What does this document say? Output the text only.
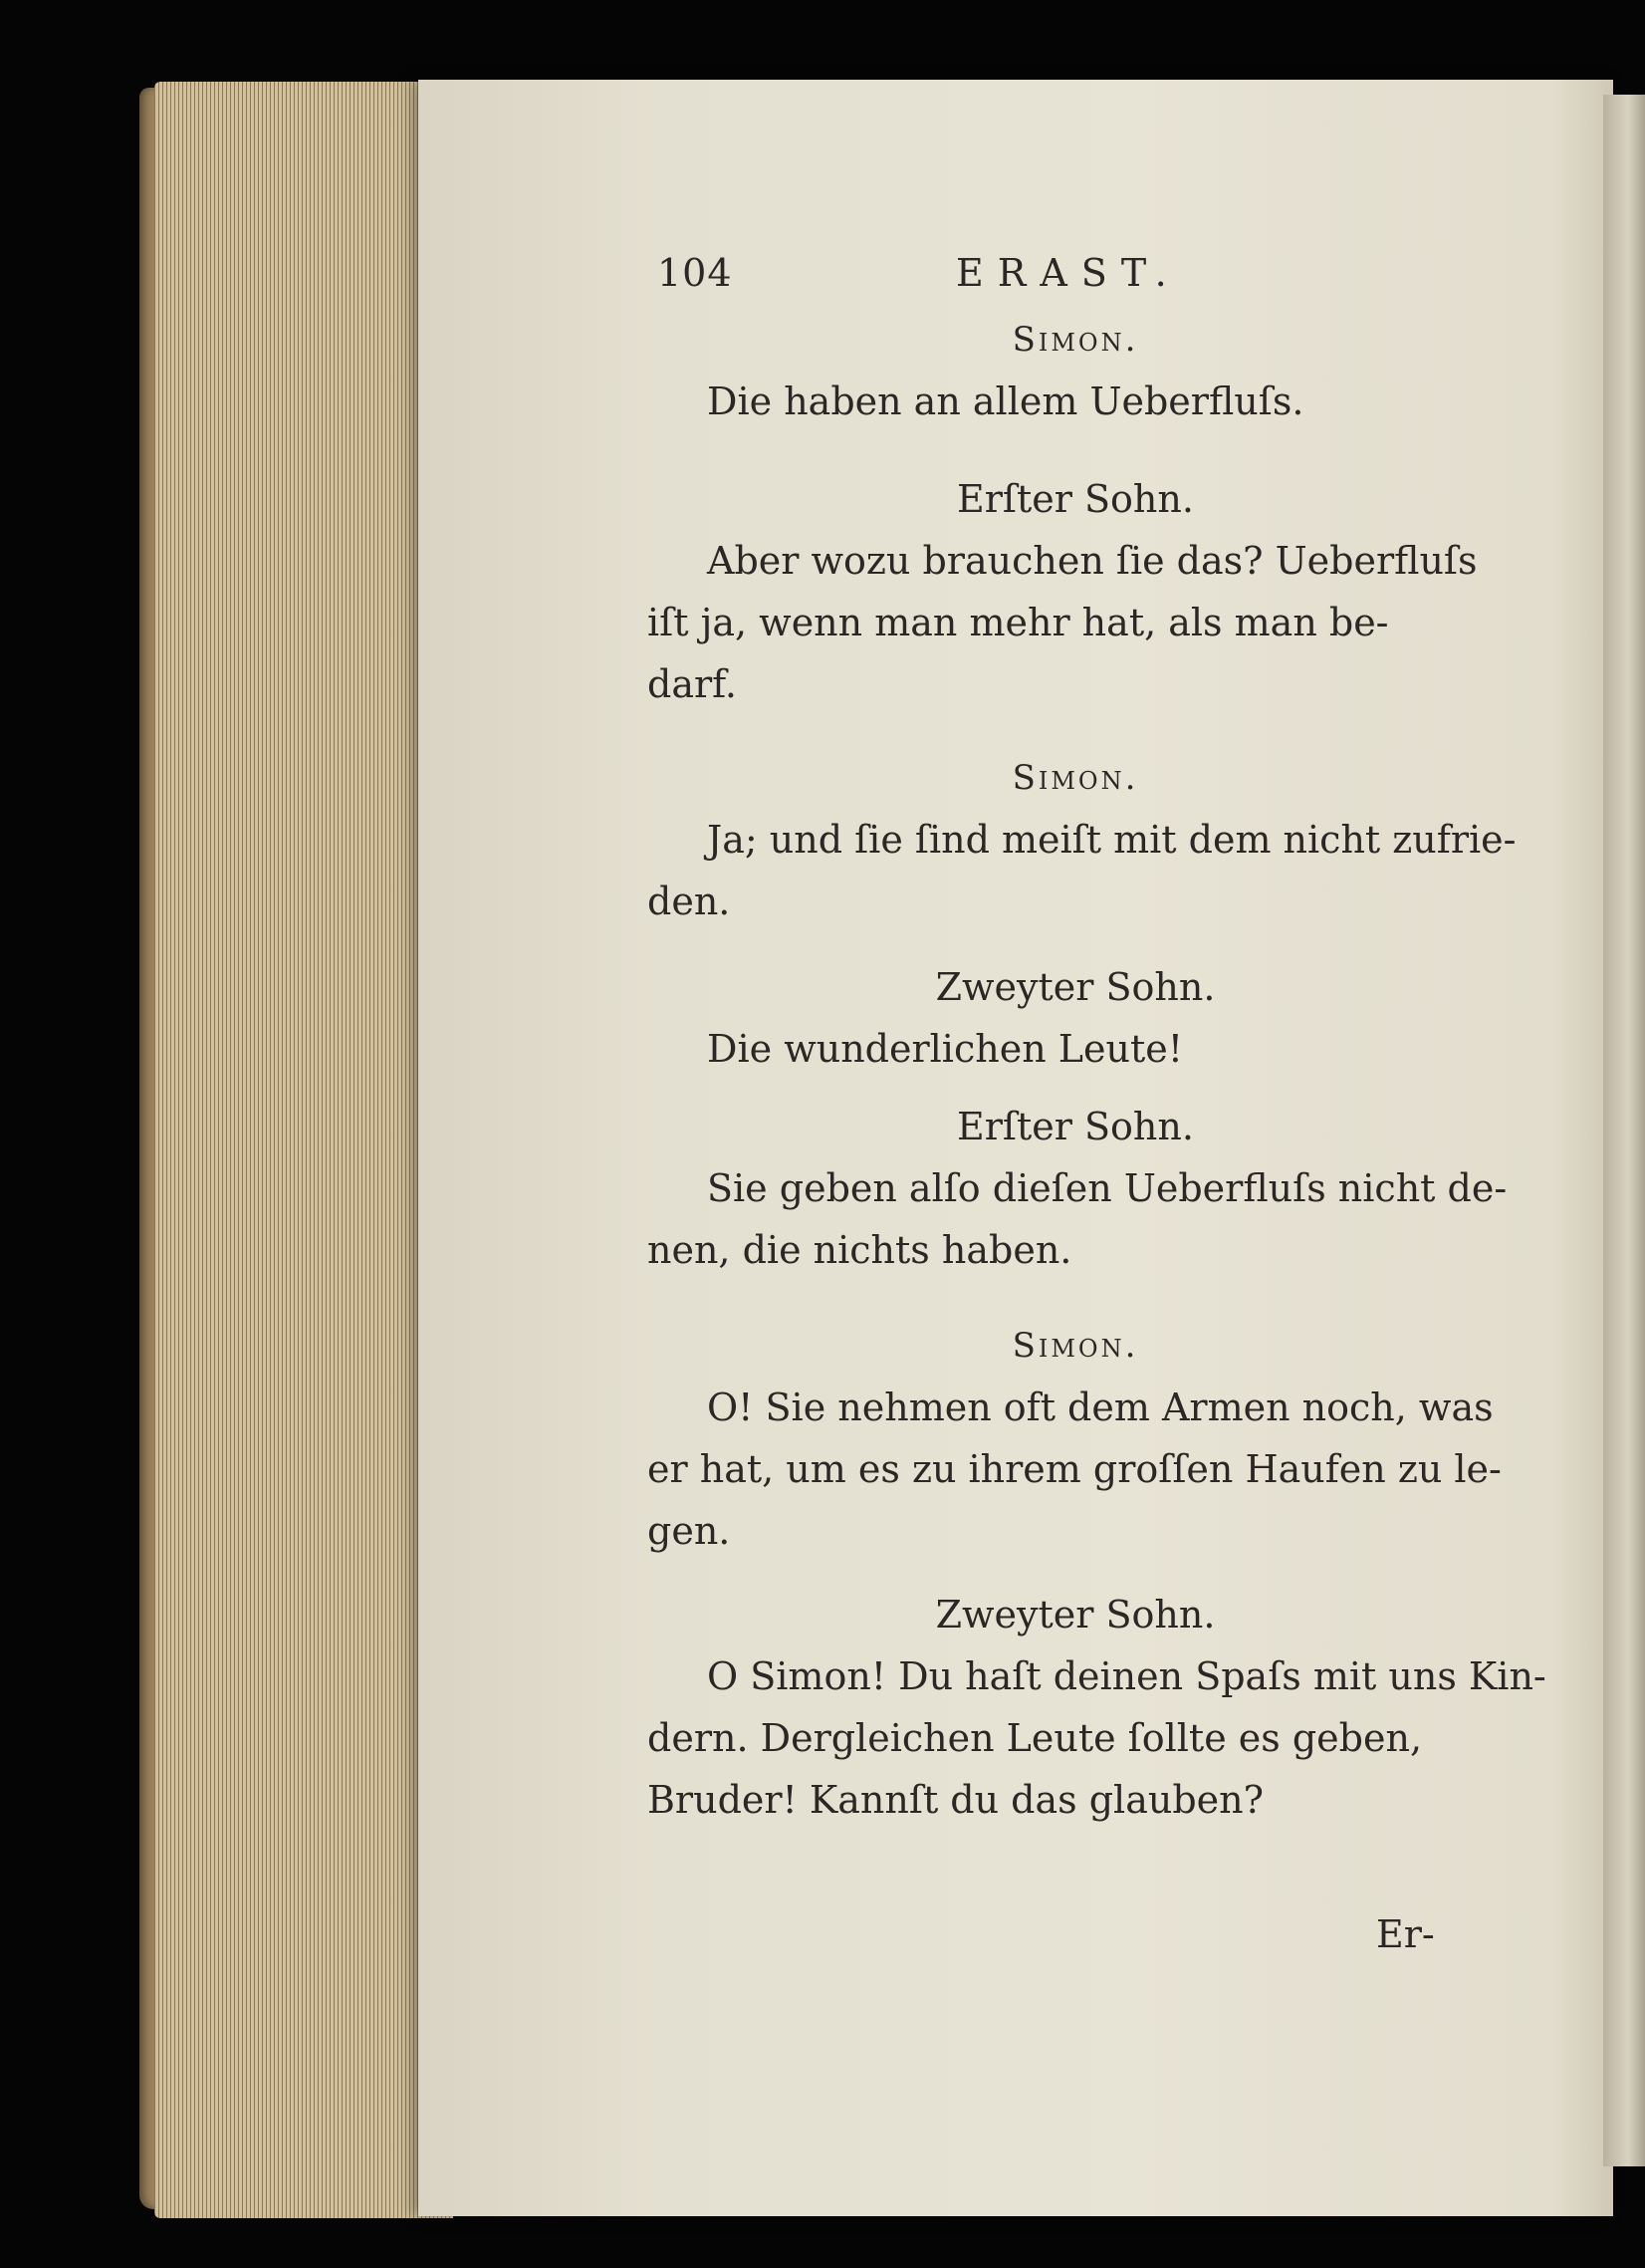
104	ERAST.
Simon.
Die haben an allem Ueberfluſs.
Erſter Sohn.
Aber wozu brauchen ſie das? Ueberfluſs
iſt ja, wenn man mehr hat, als man be-
darf.
Simon.
Ja; und ſie ſind meiſt mit dem nicht zufrie-
den.
Zweyter Sohn.
Die wunderlichen Leute!
Erſter Sohn.
Sie geben alſo dieſen Ueberfluſs nicht de-
nen, die nichts haben.
Simon.
O! Sie nehmen oft dem Armen noch, was
er hat, um es zu ihrem groſſen Haufen zu le-
gen.
Zweyter Sohn.
O Simon! Du haſt deinen Spaſs mit uns Kin-
dern. Dergleichen Leute ſollte es geben,
Bruder! Kannſt du das glauben?
Er-
